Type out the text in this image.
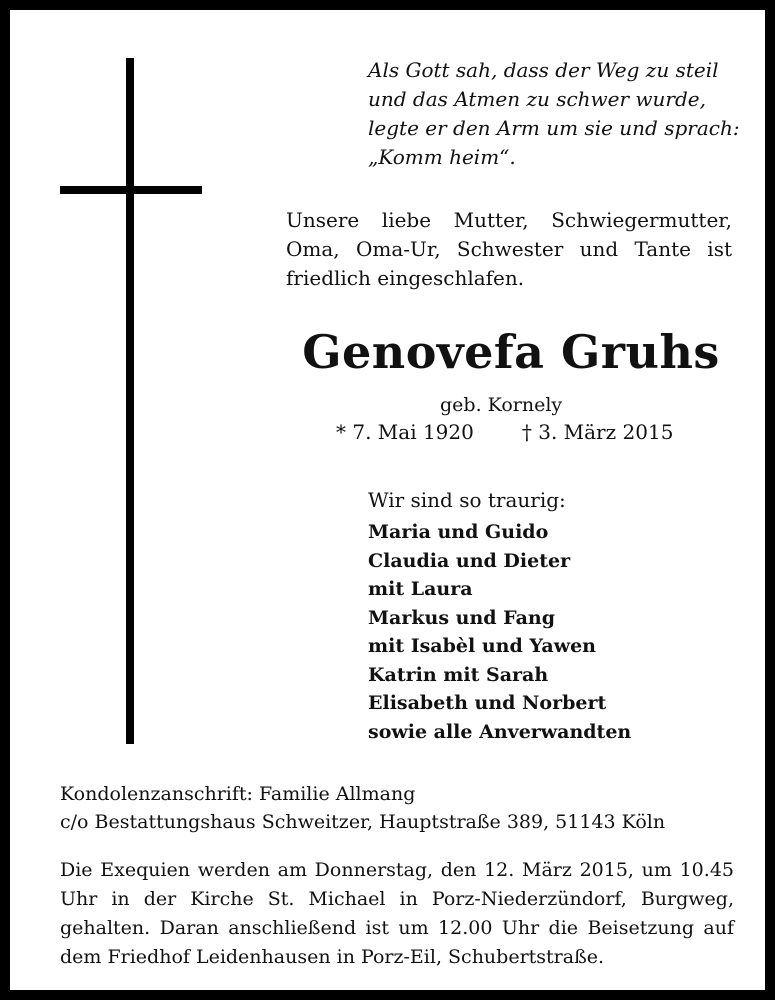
Als Gott sah, dass der Weg zu steil
und das Atmen zu schwer wurde,
legte er den Arm um sie und sprach:
„Komm heim“.
Unsere liebe Mutter, Schwiegermutter, Oma, Oma-Ur, Schwester und Tante ist friedlich eingeschlafen.
Genovefa Gruhs
geb. Kornely
* 7. Mai 1920 † 3. März 2015
Wir sind so traurig:
Maria und Guido
Claudia und Dieter
mit Laura
Markus und Fang
mit Isabèl und Yawen
Katrin mit Sarah
Elisabeth und Norbert
sowie alle Anverwandten
Kondolenzanschrift: Familie Allmang
c/o Bestattungshaus Schweitzer, Hauptstraße 389, 51143 Köln
Die Exequien werden am Donnerstag, den 12. März 2015, um 10.45 Uhr in der Kirche St. Michael in Porz-Niederzündorf, Burgweg, gehalten. Daran anschließend ist um 12.00 Uhr die Beisetzung auf dem Friedhof Leidenhausen in Porz-Eil, Schubertstraße.
